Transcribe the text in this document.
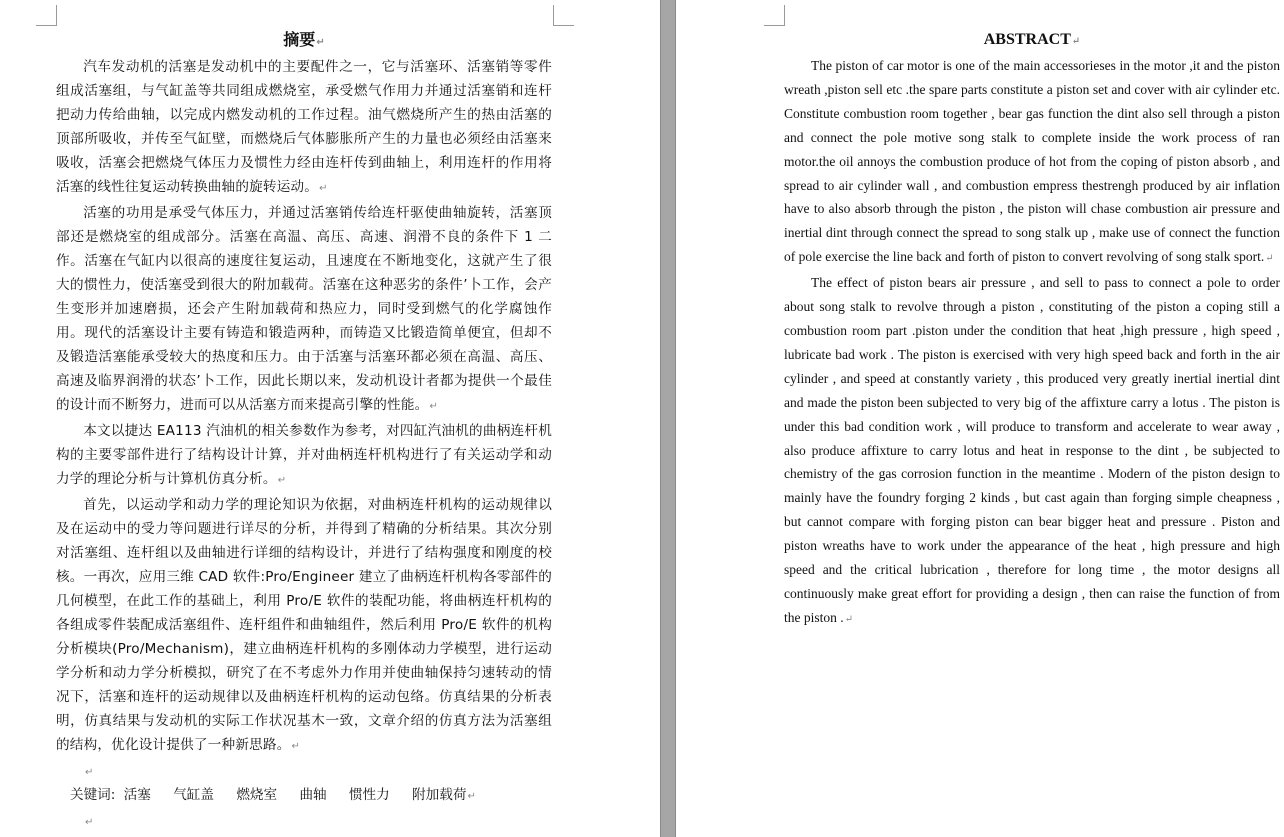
摘要↵

汽车发动机的活塞是发动机中的主要配件之一，它与活塞环、活塞销等零件组成活塞组，与气缸盖等共同组成燃烧室，承受燃气作用力并通过活塞销和连杆把动力传给曲轴，以完成内燃发动机的工作过程。油气燃烧所产生的热由活塞的顶部所吸收，并传至气缸壁，而燃烧后气体膨胀所产生的力量也必须经由活塞来吸收，活塞会把燃烧气体压力及惯性力经由连杆传到曲轴上，利用连杆的作用将活塞的线性往复运动转换曲轴的旋转运动。↵

活塞的功用是承受气体压力，并通过活塞销传给连杆驱使曲轴旋转，活塞顶部还是燃烧室的组成部分。活塞在高温、高压、高速、润滑不良的条件下 1 二作。活塞在气缸内以很高的速度往复运动，且速度在不断地变化，这就产生了很大的惯性力，使活塞受到很大的附加载荷。活塞在这种恶劣的条件’卜工作，会产生变形并加速磨损，还会产生附加载荷和热应力，同时受到燃气的化学腐蚀作用。现代的活塞设计主要有铸造和锻造两种，而铸造又比锻造简单便宜，但却不及锻造活塞能承受较大的热度和压力。由于活塞与活塞环都必须在高温、高压、高速及临界润滑的状态’卜工作，因此长期以来，发动机设计者都为提供一个最佳的设计而不断努力，进而可以从活塞方而来提高引擎的性能。↵

本文以捷达 EA113 汽油机的相关参数作为参考，对四缸汽油机的曲柄连杆机构的主要零部件进行了结构设计计算，并对曲柄连杆机构进行了有关运动学和动力学的理论分析与计算机仿真分析。↵

首先，以运动学和动力学的理论知识为依据，对曲柄连杆机构的运动规律以及在运动中的受力等问题进行详尽的分析，并得到了精确的分析结果。其次分别对活塞组、连杆组以及曲轴进行详细的结构设计，并进行了结构强度和刚度的校核。一再次，应用三维 CAD 软件:Pro/Engineer 建立了曲柄连杆机构各零部件的几何模型，在此工作的基础上，利用 Pro/E 软件的装配功能，将曲柄连杆机构的各组成零件装配成活塞组件、连杆组件和曲轴组件，然后利用 Pro/E 软件的机构分析模块(Pro/Mechanism)，建立曲柄连杆机构的多刚体动力学模型，进行运动学分析和动力学分析模拟，研究了在不考虑外力作用并使曲轴保持匀速转动的情况下，活塞和连杆的运动规律以及曲柄连杆机构的运动包络。仿真结果的分析表明，仿真结果与发动机的实际工作状况基木一致，文章介绍的仿真方法为活塞组的结构，优化设计提供了一种新思路。↵

↵

关键词: 活塞 气缸盖 燃烧室 曲轴 惯性力 附加载荷↵

↵
ABSTRACT↵

The piston of car motor is one of the main accessorieses in the motor ,it and the piston wreath ,piston sell etc .the spare parts constitute a piston set and cover with air cylinder etc. Constitute combustion room together , bear gas function the dint also sell through a piston and connect the pole motive song stalk to complete inside the work process of ran motor.the oil annoys the combustion produce of hot from the coping of piston absorb , and spread to air cylinder wall , and combustion empress thestrengh produced by air inflation have to also absorb through the piston , the piston will chase combustion air pressure and inertial dint through connect the spread to song stalk up , make use of connect the function of pole exercise the line back and forth of piston to convert revolving of song stalk sport.↵

The effect of piston bears air pressure , and sell to pass to connect a pole to order about song stalk to revolve through a piston , constituting of the piston a coping still a combustion room part .piston under the condition that heat ,high pressure , high speed , lubricate bad work . The piston is exercised with very high speed back and forth in the air cylinder , and speed at constantly variety , this produced very greatly inertial inertial dint and made the piston been subjected to very big of the affixture carry a lotus . The piston is under this bad condition work , will produce to transform and accelerate to wear away , also produce affixture to carry lotus and heat in response to the dint , be subjected to chemistry of the gas corrosion function in the meantime . Modern of the piston design to mainly have the foundry forging 2 kinds , but cast again than forging simple cheapness , but cannot compare with forging piston can bear bigger heat and pressure . Piston and piston wreaths have to work under the appearance of the heat , high pressure and high speed and the critical lubrication , therefore for long time , the motor designs all continuously make great effort for providing a design , then can raise the function of from the piston .↵
